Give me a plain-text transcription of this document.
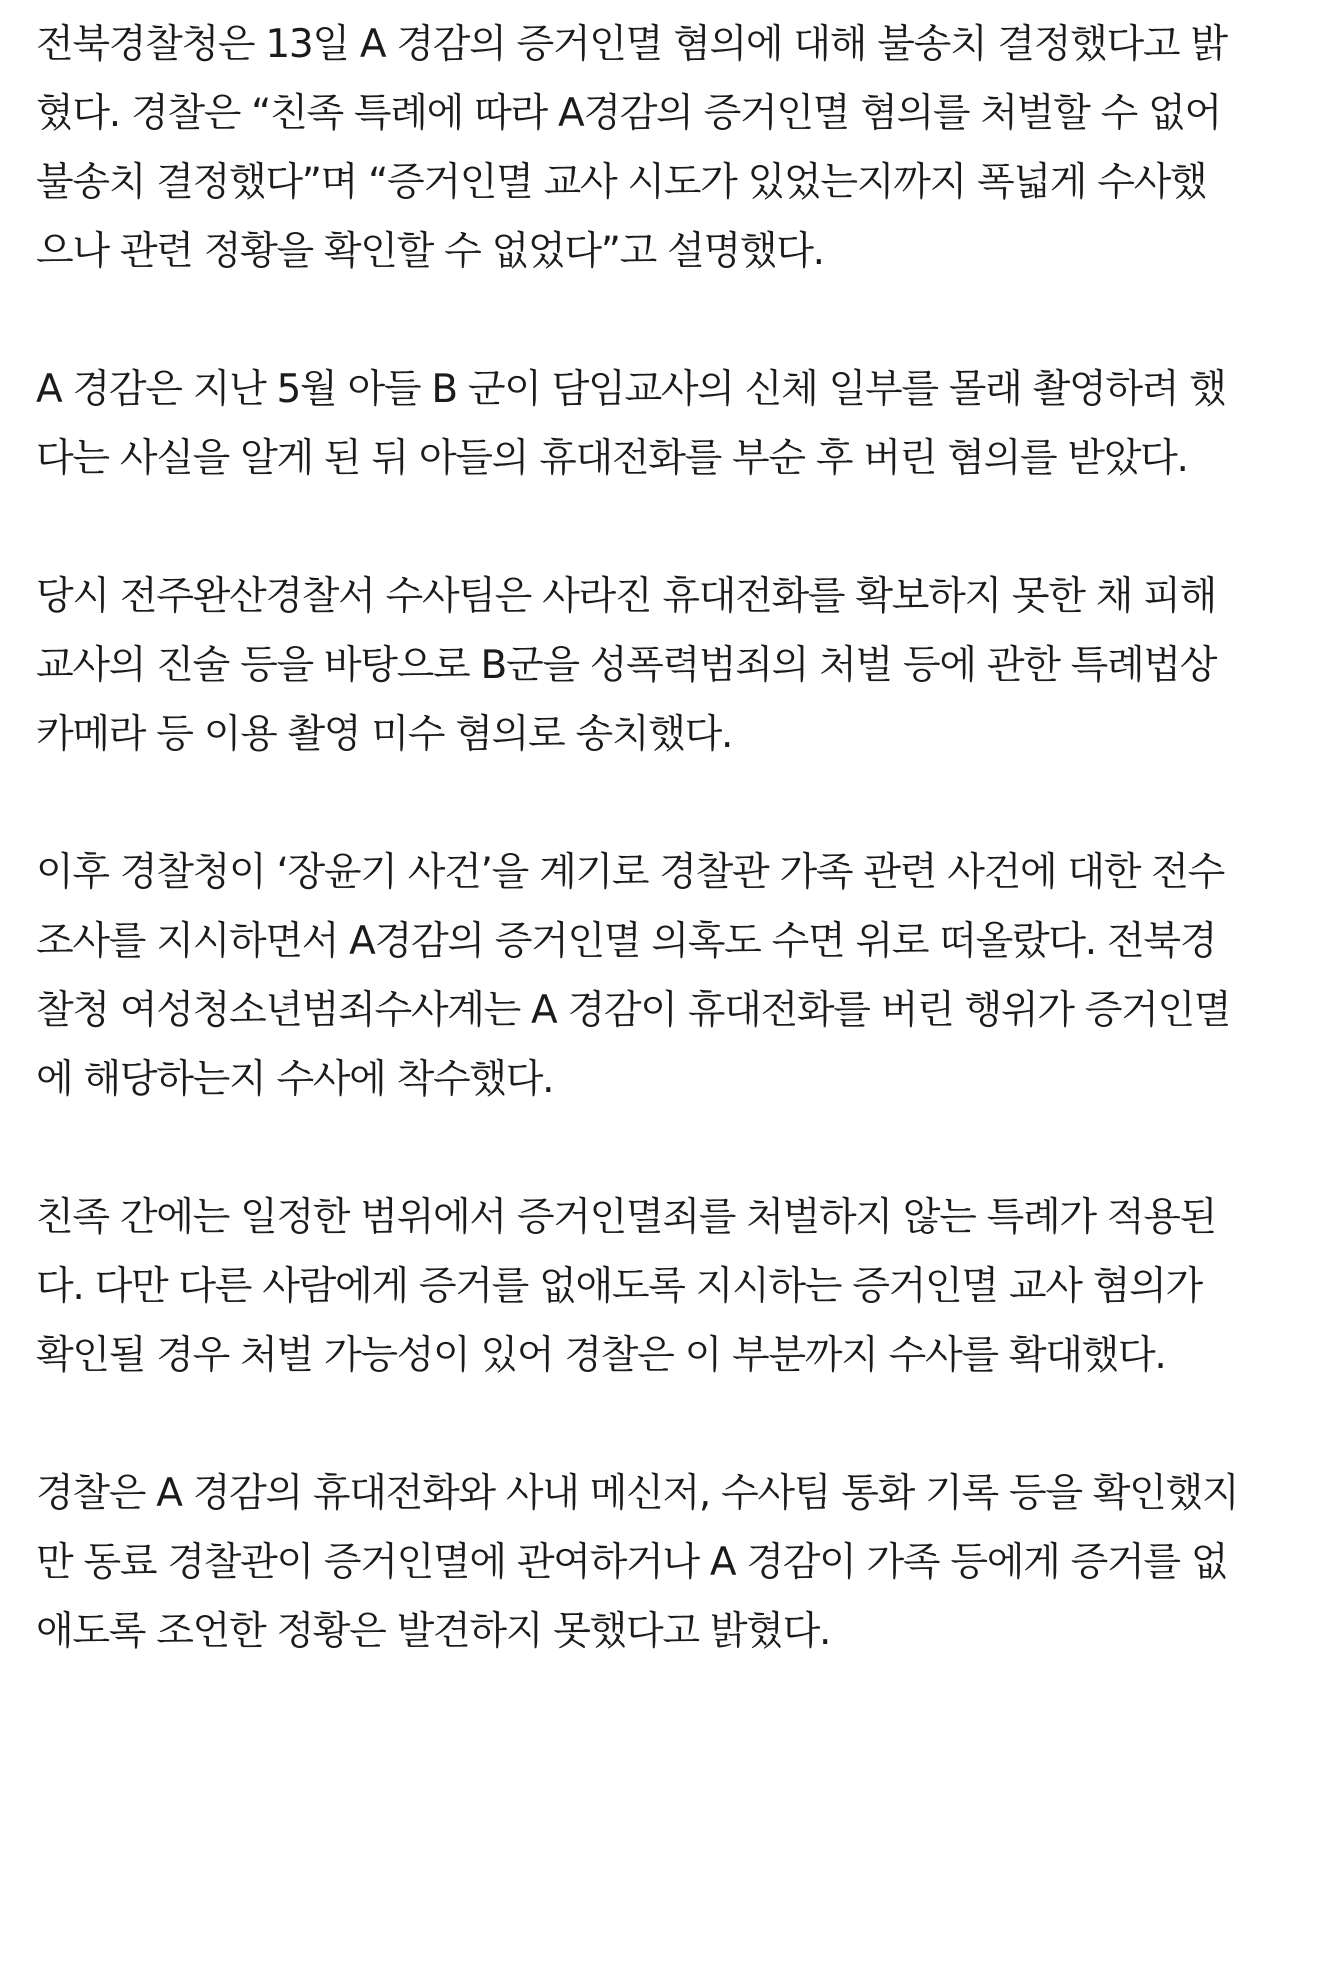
전북경찰청은 13일 A 경감의 증거인멸 혐의에 대해 불송치 결정했다고 밝
혔다. 경찰은 “친족 특례에 따라 A경감의 증거인멸 혐의를 처벌할 수 없어
불송치 결정했다”며 “증거인멸 교사 시도가 있었는지까지 폭넓게 수사했
으나 관련 정황을 확인할 수 없었다”고 설명했다.
A 경감은 지난 5월 아들 B 군이 담임교사의 신체 일부를 몰래 촬영하려 했
다는 사실을 알게 된 뒤 아들의 휴대전화를 부순 후 버린 혐의를 받았다.
당시 전주완산경찰서 수사팀은 사라진 휴대전화를 확보하지 못한 채 피해
교사의 진술 등을 바탕으로 B군을 성폭력범죄의 처벌 등에 관한 특례법상
카메라 등 이용 촬영 미수 혐의로 송치했다.
이후 경찰청이 ‘장윤기 사건’을 계기로 경찰관 가족 관련 사건에 대한 전수
조사를 지시하면서 A경감의 증거인멸 의혹도 수면 위로 떠올랐다. 전북경
찰청 여성청소년범죄수사계는 A 경감이 휴대전화를 버린 행위가 증거인멸
에 해당하는지 수사에 착수했다.
친족 간에는 일정한 범위에서 증거인멸죄를 처벌하지 않는 특례가 적용된
다. 다만 다른 사람에게 증거를 없애도록 지시하는 증거인멸 교사 혐의가
확인될 경우 처벌 가능성이 있어 경찰은 이 부분까지 수사를 확대했다.
경찰은 A 경감의 휴대전화와 사내 메신저, 수사팀 통화 기록 등을 확인했지
만 동료 경찰관이 증거인멸에 관여하거나 A 경감이 가족 등에게 증거를 없
애도록 조언한 정황은 발견하지 못했다고 밝혔다.
